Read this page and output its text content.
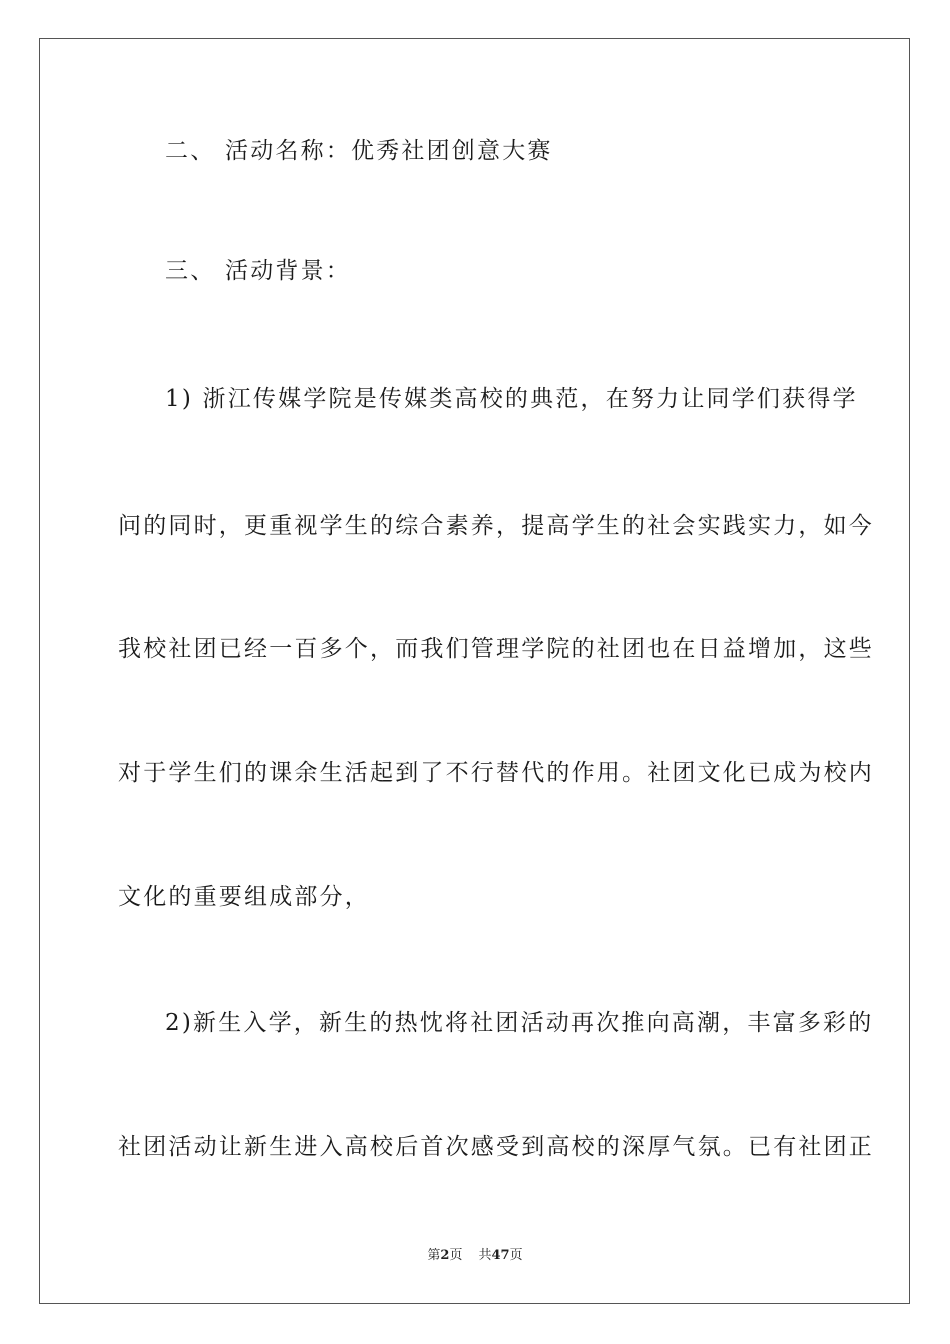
二、 活动名称：优秀社团创意大赛
三、 活动背景：
1) 浙江传媒学院是传媒类高校的典范，在努力让同学们获得学
问的同时，更重视学生的综合素养，提高学生的社会实践实力，如今
我校社团已经一百多个，而我们管理学院的社团也在日益增加，这些
对于学生们的课余生活起到了不行替代的作用。社团文化已成为校内
文化的重要组成部分，
2)新生入学，新生的热忱将社团活动再次推向高潮，丰富多彩的
社团活动让新生进入高校后首次感受到高校的深厚气氛。已有社团正
第2页 共47页
